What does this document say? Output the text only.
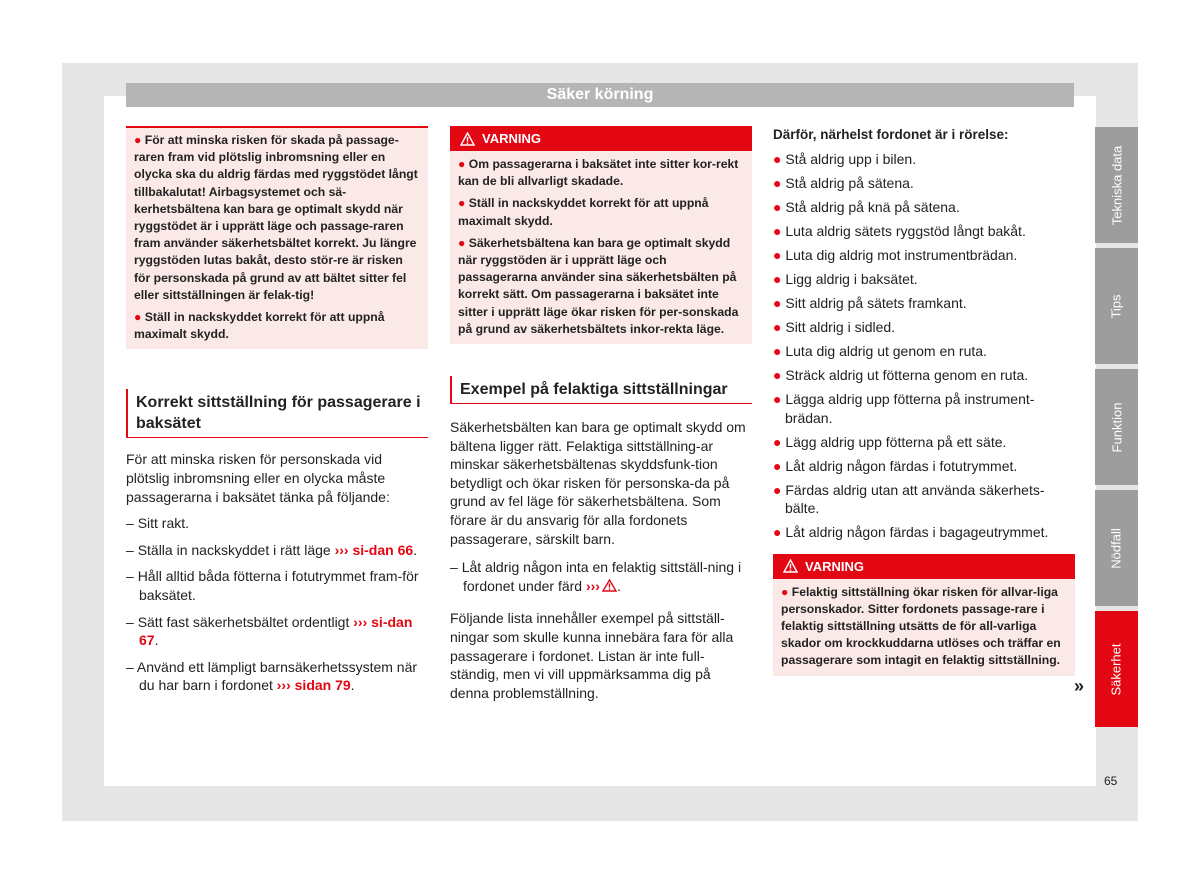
Säker körning
● För att minska risken för skada på passage-raren fram vid plötslig inbromsning eller en olycka ska du aldrig färdas med ryggstödet långt tillbakalutat! Airbagsystemet och sä-kerhetsbältena kan bara ge optimalt skydd när ryggstödet är i upprätt läge och passage-raren fram använder säkerhetsbältet korrekt. Ju längre ryggstöden lutas bakåt, desto stör-re är risken för personskada på grund av att bältet sitter fel eller sittställningen är felak-tig!
● Ställ in nackskyddet korrekt för att uppnå maximalt skydd.
Korrekt sittställning för passagerare i baksätet
För att minska risken för personskada vid plötslig inbromsning eller en olycka måste passagerarna i baksätet tänka på följande:
– Sitt rakt.
– Ställa in nackskyddet i rätt läge ››› si-dan 66.
– Håll alltid båda fötterna i fotutrymmet fram-för baksätet.
– Sätt fast säkerhetsbältet ordentligt ››› si-dan 67.
– Använd ett lämpligt barnsäkerhetssystem när du har barn i fordonet ››› sidan 79.
VARNING
● Om passagerarna i baksätet inte sitter kor-rekt kan de bli allvarligt skadade.
● Ställ in nackskyddet korrekt för att uppnå maximalt skydd.
● Säkerhetsbältena kan bara ge optimalt skydd när ryggstöden är i upprätt läge och passagerarna använder sina säkerhetsbälten på korrekt sätt. Om passagerarna i baksätet inte sitter i upprätt läge ökar risken för per-sonskada på grund av säkerhetsbältets inkor-rekta läge.
Exempel på felaktiga sittställningar
Säkerhetsbälten kan bara ge optimalt skydd om bältena ligger rätt. Felaktiga sittställning-ar minskar säkerhetsbältenas skyddsfunk-tion betydligt och ökar risken för personska-da på grund av fel läge för säkerhetsbältena. Som förare är du ansvarig för alla fordonets passagerare, särskilt barn.
– Låt aldrig någon inta en felaktig sittställ-ning i fordonet under färd ››› .
Följande lista innehåller exempel på sittställ-ningar som skulle kunna innebära fara för alla passagerare i fordonet. Listan är inte full-ständig, men vi vill uppmärksamma dig på denna problemställning.
Därför, närhelst fordonet är i rörelse:
● Stå aldrig upp i bilen.
● Stå aldrig på sätena.
● Stå aldrig på knä på sätena.
● Luta aldrig sätets ryggstöd långt bakåt.
● Luta dig aldrig mot instrumentbrädan.
● Ligg aldrig i baksätet.
● Sitt aldrig på sätets framkant.
● Sitt aldrig i sidled.
● Luta dig aldrig ut genom en ruta.
● Sträck aldrig ut fötterna genom en ruta.
● Lägga aldrig upp fötterna på instrument-brädan.
● Lägg aldrig upp fötterna på ett säte.
● Låt aldrig någon färdas i fotutrymmet.
● Färdas aldrig utan att använda säkerhets-bälte.
● Låt aldrig någon färdas i bagageutrymmet.
VARNING
● Felaktig sittställning ökar risken för allvar-liga personskador. Sitter fordonets passage-rare i felaktig sittställning utsätts de för all-varliga skador om krockkuddarna utlöses och träffar en passagerare som intagit en felaktig sittställning.
»
Tekniska data
Tips
Funktion
Nödfall
Säkerhet
65
